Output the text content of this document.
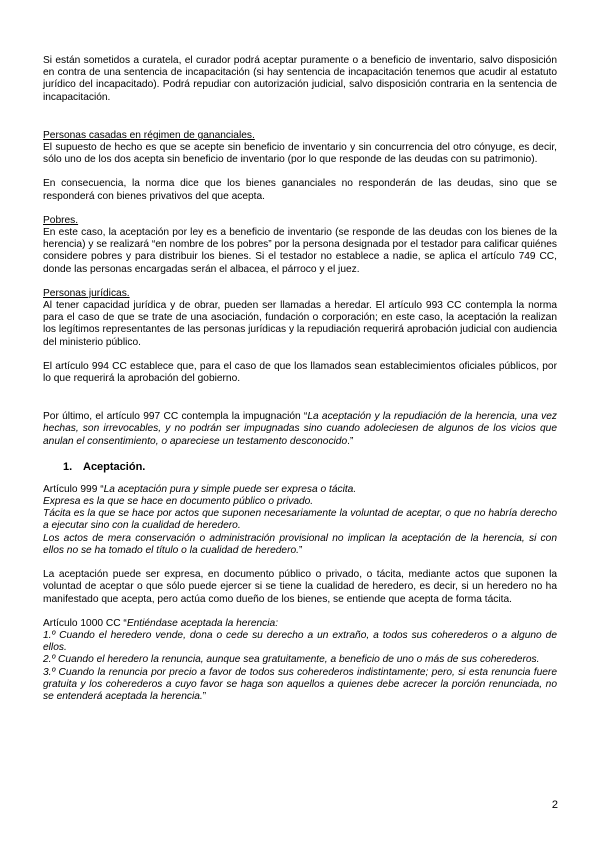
Si están sometidos a curatela, el curador podrá aceptar puramente o a beneficio de inventario, salvo disposición en contra de una sentencia de incapacitación (si hay sentencia de incapacitación tenemos que acudir al estatuto jurídico del incapacitado). Podrá repudiar con autorización judicial, salvo disposición contraria en la sentencia de incapacitación.

Personas casadas en régimen de gananciales.

El supuesto de hecho es que se acepte sin beneficio de inventario y sin concurrencia del otro cónyuge, es decir, sólo uno de los dos acepta sin beneficio de inventario (por lo que responde de las deudas con su patrimonio).

En consecuencia, la norma dice que los bienes gananciales no responderán de las deudas, sino que se responderá con bienes privativos del que acepta.

Pobres.

En este caso, la aceptación por ley es a beneficio de inventario (se responde de las deudas con los bienes de la herencia) y se realizará “en nombre de los pobres” por la persona designada por el testador para calificar quiénes considere pobres y para distribuir los bienes. Si el testador no establece a nadie, se aplica el artículo 749 CC, donde las personas encargadas serán el albacea, el párroco y el juez.

Personas jurídicas.

Al tener capacidad jurídica y de obrar, pueden ser llamadas a heredar. El artículo 993 CC contempla la norma para el caso de que se trate de una asociación, fundación o corporación; en este caso, la aceptación la realizan los legítimos representantes de las personas jurídicas y la repudiación requerirá aprobación judicial con audiencia del ministerio público.

El artículo 994 CC establece que, para el caso de que los llamados sean establecimientos oficiales públicos, por lo que requerirá la aprobación del gobierno.

Por último, el artículo 997 CC contempla la impugnación “La aceptación y la repudiación de la herencia, una vez hechas, son irrevocables, y no podrán ser impugnadas sino cuando adoleciesen de algunos de los vicios que anulan el consentimiento, o apareciese un testamento desconocido.”

1. Aceptación.

Artículo 999 “La aceptación pura y simple puede ser expresa o tácita.

Expresa es la que se hace en documento público o privado.

Tácita es la que se hace por actos que suponen necesariamente la voluntad de aceptar, o que no habría derecho a ejecutar sino con la cualidad de heredero.

Los actos de mera conservación o administración provisional no implican la aceptación de la herencia, si con ellos no se ha tomado el título o la cualidad de heredero.”

La aceptación puede ser expresa, en documento público o privado, o tácita, mediante actos que suponen la voluntad de aceptar o que sólo puede ejercer si se tiene la cualidad de heredero, es decir, si un heredero no ha manifestado que acepta, pero actúa como dueño de los bienes, se entiende que acepta de forma tácita.

Artículo 1000 CC “Entiéndase aceptada la herencia:

1.º Cuando el heredero vende, dona o cede su derecho a un extraño, a todos sus coherederos o a alguno de ellos.

2.º Cuando el heredero la renuncia, aunque sea gratuitamente, a beneficio de uno o más de sus coherederos.

3.º Cuando la renuncia por precio a favor de todos sus coherederos indistintamente; pero, si esta renuncia fuere gratuita y los coherederos a cuyo favor se haga son aquellos a quienes debe acrecer la porción renunciada, no se entenderá aceptada la herencia.”

2
